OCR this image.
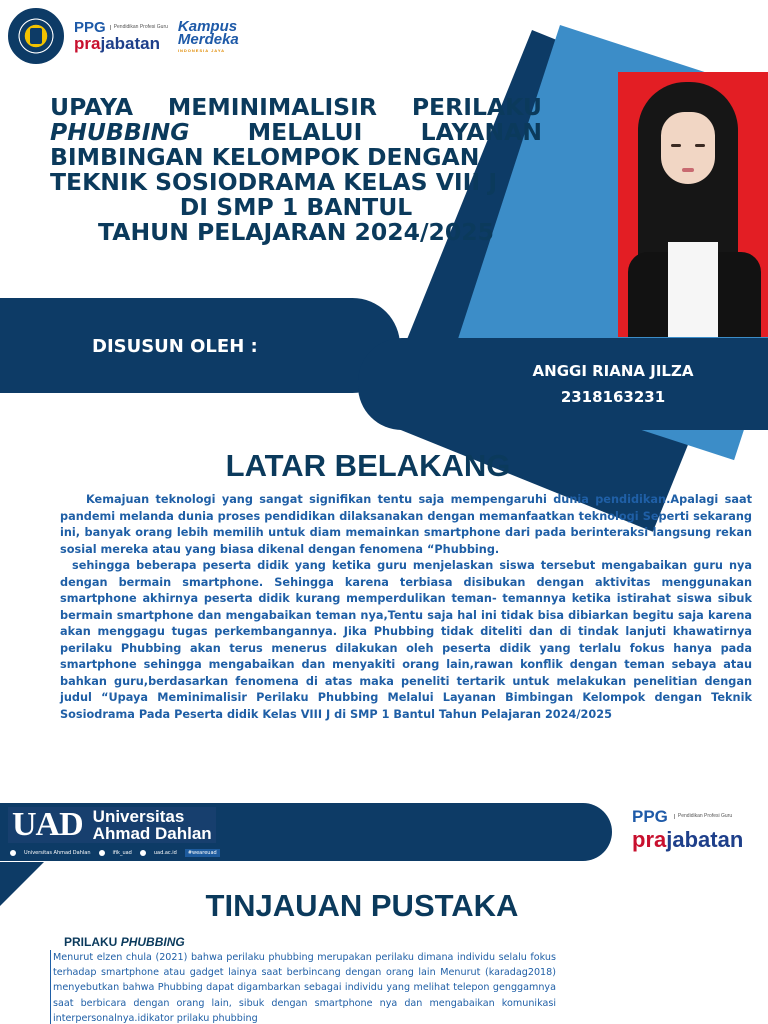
PPG	Pendidikan Profesi Guru
prajabatan
Kampus
Merdeka
INDONESIA JAYA
UPAYA MEMINIMALISIR PERILAKU
PHUBBING MELALUI LAYANAN
BIMBINGAN KELOMPOK DENGAN
TEKNIK SOSIODRAMA KELAS VIII J
DI SMP 1 BANTUL
TAHUN PELAJARAN 2024/2025
DISUSUN OLEH :
ANGGI RIANA JILZA
2318163231
LATAR BELAKANG

Kemajuan teknologi yang sangat signifikan tentu saja mempengaruhi dunia pendidikan.Apalagi saat pandemi melanda dunia proses pendidikan dilaksanakan dengan memanfaatkan teknologi Seperti sekarang ini, banyak orang lebih memilih untuk diam memainkan smartphone dari pada berinteraksi langsung rekan sosial mereka atau yang biasa dikenal dengan fenomena “Phubbing.

sehingga beberapa peserta didik yang ketika guru menjelaskan siswa tersebut mengabaikan guru nya dengan bermain smartphone. Sehingga karena terbiasa disibukan dengan aktivitas menggunakan smartphone akhirnya peserta didik kurang memperdulikan teman- temannya ketika istirahat siswa sibuk bermain smartphone dan mengabaikan teman nya,Tentu saja hal ini tidak bisa dibiarkan begitu saja karena akan menggagu tugas perkembangannya. Jika Phubbing tidak diteliti dan di tindak lanjuti khawatirnya perilaku Phubbing akan terus menerus dilakukan oleh peserta didik yang terlalu fokus hanya pada smartphone sehingga mengabaikan dan menyakiti orang lain,rawan konflik dengan teman sebaya atau bahkan guru,berdasarkan fenomena di atas maka peneliti tertarik untuk melakukan penelitian dengan judul “Upaya Meminimalisir Perilaku Phubbing Melalui Layanan Bimbingan Kelompok dengan Teknik Sosiodrama Pada Peserta didik Kelas VIII J di SMP 1 Bantul Tahun Pelajaran 2024/2025

UAD Universitas
Ahmad Dahlan
Universitas Ahmad Dahlan	ifik_uad	uad.ac.id	#weareuad
PPG	Pendidikan Profesi Guru
prajabatan
TINJAUAN PUSTAKA
PRILAKU PHUBBING
Menurut elzen chula (2021) bahwa perilaku phubbing merupakan perilaku dimana individu selalu fokus terhadap smartphone atau gadget lainya saat berbincang dengan orang lain Menurut (karadag2018) menyebutkan bahwa Phubbing dapat digambarkan sebagai individu yang melihat telepon genggamnya saat berbicara dengan orang lain, sibuk dengan smartphone nya dan mengabaikan komunikasi interpersonalnya.idikator prilaku phubbing
